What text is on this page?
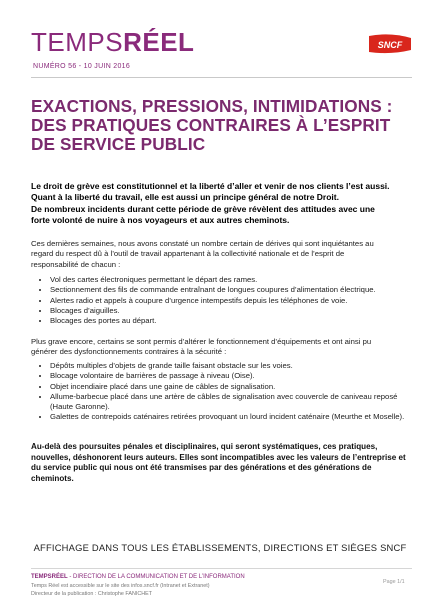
TEMPSRÉEL
NUMÉRO 56 - 10 JUIN 2016
SNCF
EXACTIONS, PRESSIONS, INTIMIDATIONS :
DES PRATIQUES CONTRAIRES À L’ESPRIT
DE SERVICE PUBLIC
Le droit de grève est constitutionnel et la liberté d’aller et venir de nos clients l’est aussi.
Quant à la liberté du travail, elle est aussi un principe général de notre Droit.
De nombreux incidents durant cette période de grève révèlent des attitudes avec une
forte volonté de nuire à nos voyageurs et aux autres cheminots.
Ces dernières semaines, nous avons constaté un nombre certain de dérives qui sont inquiétantes au
regard du respect dû à l’outil de travail appartenant à la collectivité nationale et de l’esprit de
responsabilité de chacun :
• Vol des cartes électroniques permettant le départ des rames.
• Sectionnement des fils de commande entraînant de longues coupures d’alimentation électrique.
• Alertes radio et appels à coupure d’urgence intempestifs depuis les téléphones de voie.
• Blocages d’aiguilles.
• Blocages des portes au départ.
Plus grave encore, certains se sont permis d’altérer le fonctionnement d’équipements et ont ainsi pu
générer des dysfonctionnements contraires à la sécurité :
• Dépôts multiples d’objets de grande taille faisant obstacle sur les voies.
• Blocage volontaire de barrières de passage à niveau (Oise).
• Objet incendiaire placé dans une gaine de câbles de signalisation.
• Allume-barbecue placé dans une artère de câbles de signalisation avec couvercle de caniveau reposé (Haute Garonne).
• Galettes de contrepoids caténaires retirées provoquant un lourd incident caténaire (Meurthe et Moselle).
Au-delà des poursuites pénales et disciplinaires, qui seront systématiques, ces pratiques,
nouvelles, déshonorent leurs auteurs. Elles sont incompatibles avec les valeurs de l’entreprise et
du service public qui nous ont été transmises par des générations et des générations de
cheminots.
AFFICHAGE DANS TOUS LES ÉTABLISSEMENTS, DIRECTIONS ET SIÈGES SNCF
TEMPSRÉEL - DIRECTION DE LA COMMUNICATION ET DE L’INFORMATION
Temps Réel est accessible sur le site des infos.sncf.fr (Intranet et Extranet)
Directeur de la publication : Christophe FANICHET
Page 1/1
